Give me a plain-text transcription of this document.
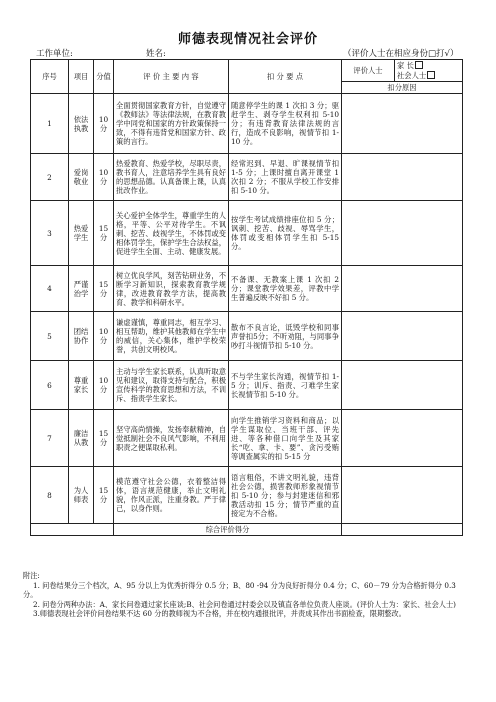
师德表现情况社会评价
工作单位:	姓名:	（评价人士在相应身份□打√）
序号	项目	分值	评 价 主 要 内 容	扣 分 要 点	评价人士	家 长
社会人士

					扣分原因	
1	依法执教	10 分	全面贯彻国家教育方针，自觉遵守《教师法》等法律法规，在教育教学中同党和国家的方针政策保持一致，不得有违背党和国家方针、政策的言行。	随意停学生的课 1 次扣 3 分；驱赶学生、剥夺学生权利扣 5-10 分；有违背教育法律法规的言行，造成不良影响，视情节扣 1-10 分。		
2	爱岗敬业	10 分	热爱教育、热爱学校，尽职尽责，教书育人，注意培养学生具有良好的思想品德。认真备课上课，认真批改作业。	经常迟到、早退、旷课视情节扣 1-5 分；上课时擅自离开课堂 1 次扣 2 分；不服从学校工作安排扣 5-10 分。		
3	热爱学生	15 分	关心爱护全体学生，尊重学生的人格，平等、公平对待学生。不讽刺、挖苦、歧视学生，不体罚或变相体罚学生，保护学生合法权益，促进学生全面、主动、健康发展。	按学生考试成绩排座位扣 5 分；讽刺、挖苦、歧视、辱骂学生，体罚或变相体罚学生扣 5-15 分。		
4	严谨治学	15 分	树立优良学风，刻苦钻研业务，不断学习新知识，探索教育教学规律，改进教育教学方法，提高教育、教学和科研水平。	不备课、无教案上课 1 次扣 2 分；课堂教学效果差，评教中学生普遍反映不好扣 5 分。		
5	团结协作	10 分	谦虚谨慎，尊重同志，相互学习、相互帮助，维护其他教师在学生中的威信，关心集体，维护学校荣誉，共创文明校风。	散布不良言论，诋毁学校和同事声誉扣5分；不听劝阻，与同事争吵打斗视情节扣 5-10 分。		
6	尊重家长	10 分	主动与学生家长联系，认真听取意见和建议，取得支持与配合，积极宣传科学的教育思想和方法，不训斥、指责学生家长。	不与学生家长沟通，视情节扣 1-5 分；训斥、指责、刁难学生家长视情节扣 5-10 分。		
7	廉洁从教	15 分	坚守高尚情操，发扬奉献精神，自觉抵制社会不良风气影响，不利用职责之便谋取私利。	向学生推销学习资料和商品；以学生谋取位、当班干部、评先进、等各种借口向学生及其家长“吃、拿、卡、要”、贪污受贿等调查属实的扣 5-15 分		
8	为人师表	15 分	模范遵守社会公德，衣着整洁得体，语言规范健康，举止文明礼貌，作风正派，注重身教。严于律己，以身作则。	语言粗俗，不讲文明礼貌，违背社会公德，损害教师形象视情节扣 5-10 分；参与封建迷信和邪教活动扣 15 分；情节严重的直接定为不合格。		
			综合评价得分			

附注:

1. 问卷结果分三个档次，A、95 分以上为优秀折得分 0.5 分；B、80 -94 分为良好折得分 0.4 分；C、60－79 分为合格折得分 0.3 分。

2. 问卷分两种办法：A、家长问卷通过家长座谈;B、社会问卷通过村委会以及镇直各单位负责人座谈。(评价人士为：家长、社会人士)

3.师德表现社会评价问卷结果不达 60 分的教师视为不合格，并在校内通报批评，并责成其作出书面检查，限期整改。
